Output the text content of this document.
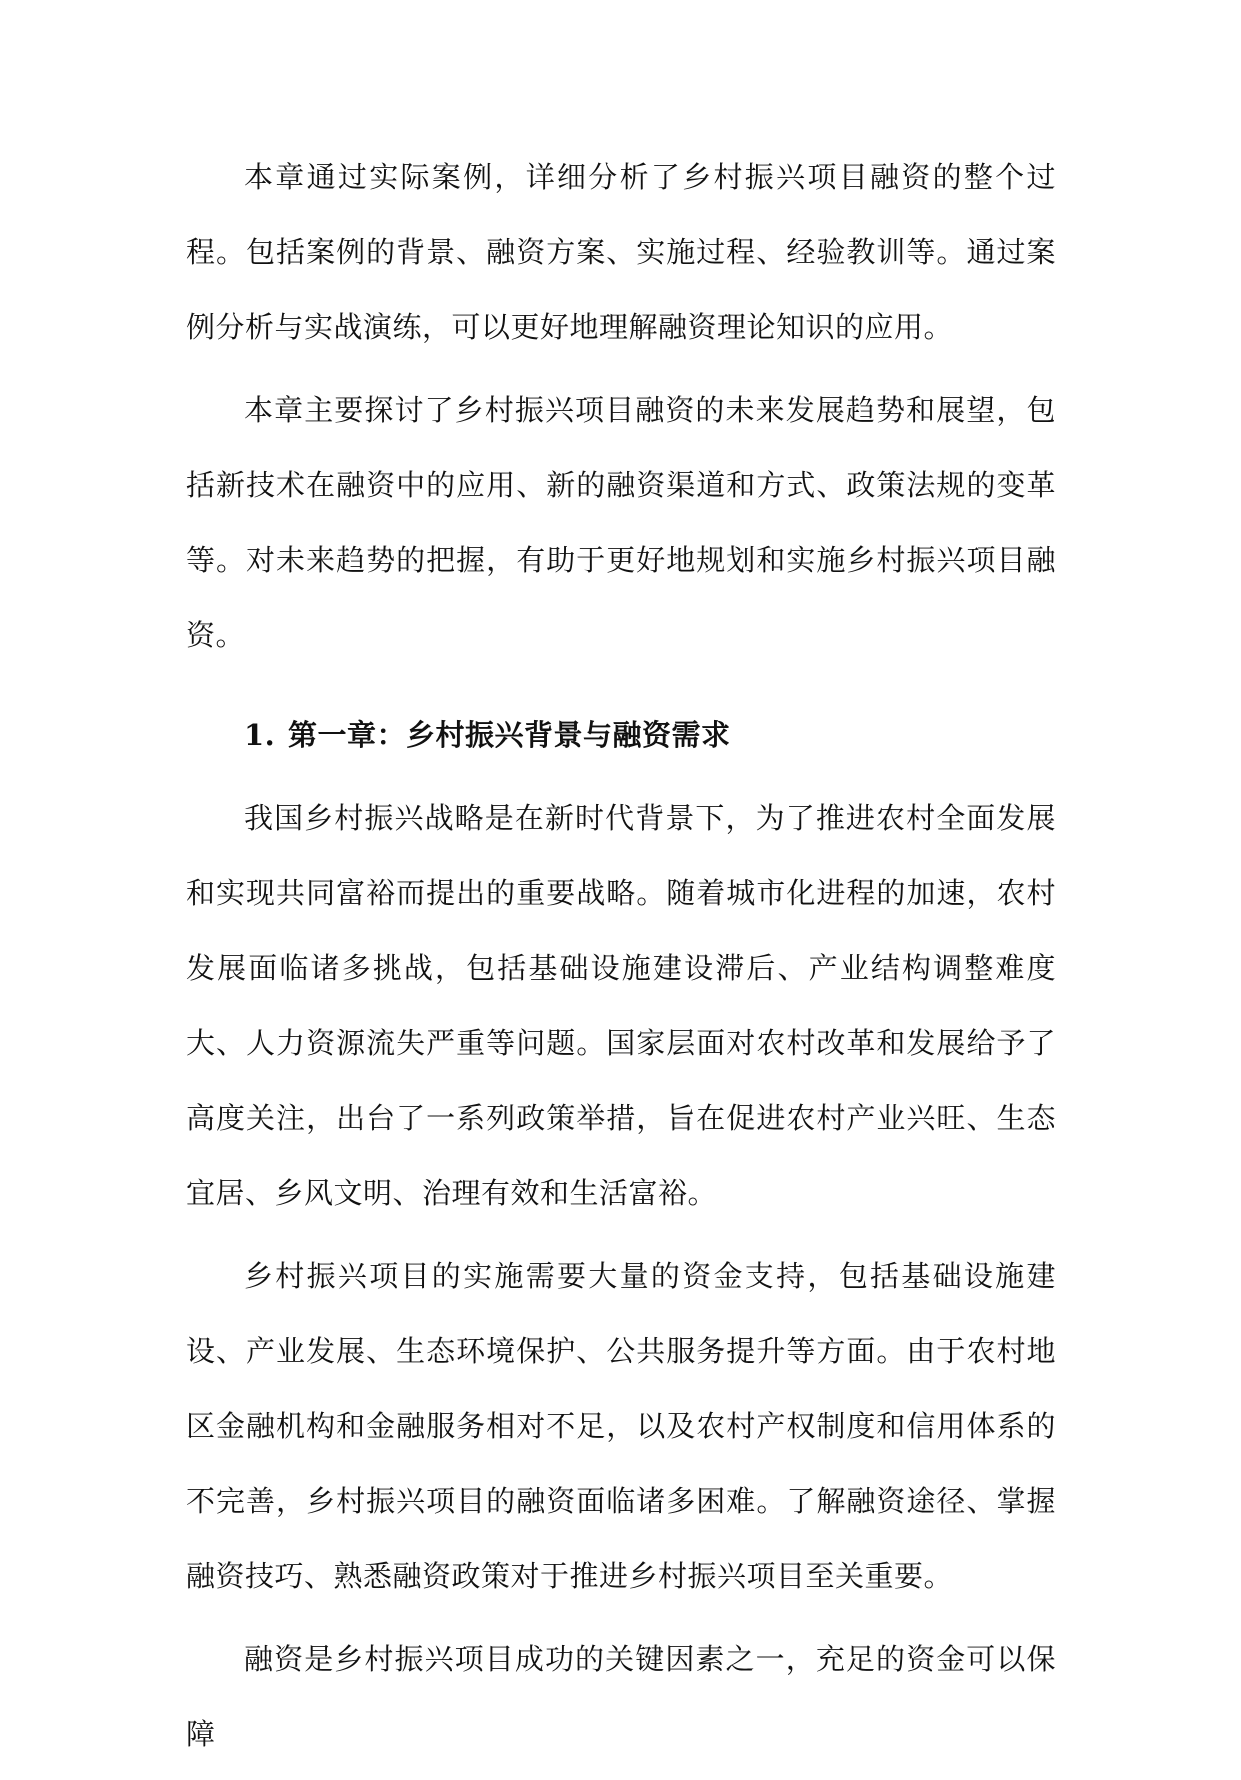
本章通过实际案例，详细分析了乡村振兴项目融资的整个过程。包括案例的背景、融资方案、实施过程、经验教训等。通过案例分析与实战演练，可以更好地理解融资理论知识的应用。

本章主要探讨了乡村振兴项目融资的未来发展趋势和展望，包括新技术在融资中的应用、新的融资渠道和方式、政策法规的变革等。对未来趋势的把握，有助于更好地规划和实施乡村振兴项目融资。

1. 第一章：乡村振兴背景与融资需求

我国乡村振兴战略是在新时代背景下，为了推进农村全面发展和实现共同富裕而提出的重要战略。随着城市化进程的加速，农村发展面临诸多挑战，包括基础设施建设滞后、产业结构调整难度大、人力资源流失严重等问题。国家层面对农村改革和发展给予了高度关注，出台了一系列政策举措，旨在促进农村产业兴旺、生态宜居、乡风文明、治理有效和生活富裕。

乡村振兴项目的实施需要大量的资金支持，包括基础设施建设、产业发展、生态环境保护、公共服务提升等方面。由于农村地区金融机构和金融服务相对不足，以及农村产权制度和信用体系的不完善，乡村振兴项目的融资面临诸多困难。了解融资途径、掌握融资技巧、熟悉融资政策对于推进乡村振兴项目至关重要。

融资是乡村振兴项目成功的关键因素之一，充足的资金可以保障
